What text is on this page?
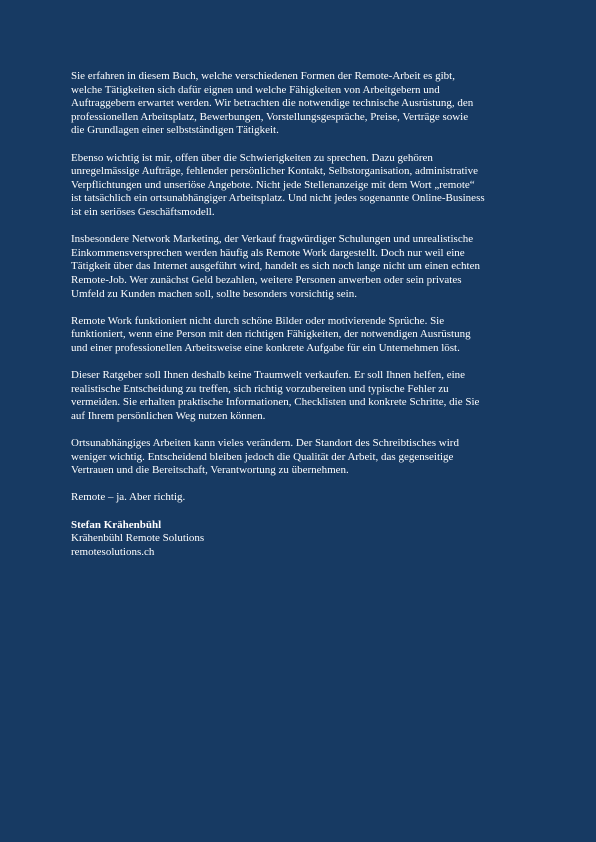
Sie erfahren in diesem Buch, welche verschiedenen Formen der Remote-Arbeit es gibt,
welche Tätigkeiten sich dafür eignen und welche Fähigkeiten von Arbeitgebern und
Auftraggebern erwartet werden. Wir betrachten die notwendige technische Ausrüstung, den
professionellen Arbeitsplatz, Bewerbungen, Vorstellungsgespräche, Preise, Verträge sowie
die Grundlagen einer selbstständigen Tätigkeit.

Ebenso wichtig ist mir, offen über die Schwierigkeiten zu sprechen. Dazu gehören
unregelmässige Aufträge, fehlender persönlicher Kontakt, Selbstorganisation, administrative
Verpflichtungen und unseriöse Angebote. Nicht jede Stellenanzeige mit dem Wort „remote“
ist tatsächlich ein ortsunabhängiger Arbeitsplatz. Und nicht jedes sogenannte Online-Business
ist ein seriöses Geschäftsmodell.

Insbesondere Network Marketing, der Verkauf fragwürdiger Schulungen und unrealistische
Einkommensversprechen werden häufig als Remote Work dargestellt. Doch nur weil eine
Tätigkeit über das Internet ausgeführt wird, handelt es sich noch lange nicht um einen echten
Remote-Job. Wer zunächst Geld bezahlen, weitere Personen anwerben oder sein privates
Umfeld zu Kunden machen soll, sollte besonders vorsichtig sein.

Remote Work funktioniert nicht durch schöne Bilder oder motivierende Sprüche. Sie
funktioniert, wenn eine Person mit den richtigen Fähigkeiten, der notwendigen Ausrüstung
und einer professionellen Arbeitsweise eine konkrete Aufgabe für ein Unternehmen löst.

Dieser Ratgeber soll Ihnen deshalb keine Traumwelt verkaufen. Er soll Ihnen helfen, eine
realistische Entscheidung zu treffen, sich richtig vorzubereiten und typische Fehler zu
vermeiden. Sie erhalten praktische Informationen, Checklisten und konkrete Schritte, die Sie
auf Ihrem persönlichen Weg nutzen können.

Ortsunabhängiges Arbeiten kann vieles verändern. Der Standort des Schreibtisches wird
weniger wichtig. Entscheidend bleiben jedoch die Qualität der Arbeit, das gegenseitige
Vertrauen und die Bereitschaft, Verantwortung zu übernehmen.

Remote – ja. Aber richtig.

Stefan Krähenbühl
Krähenbühl Remote Solutions
remotesolutions.ch
